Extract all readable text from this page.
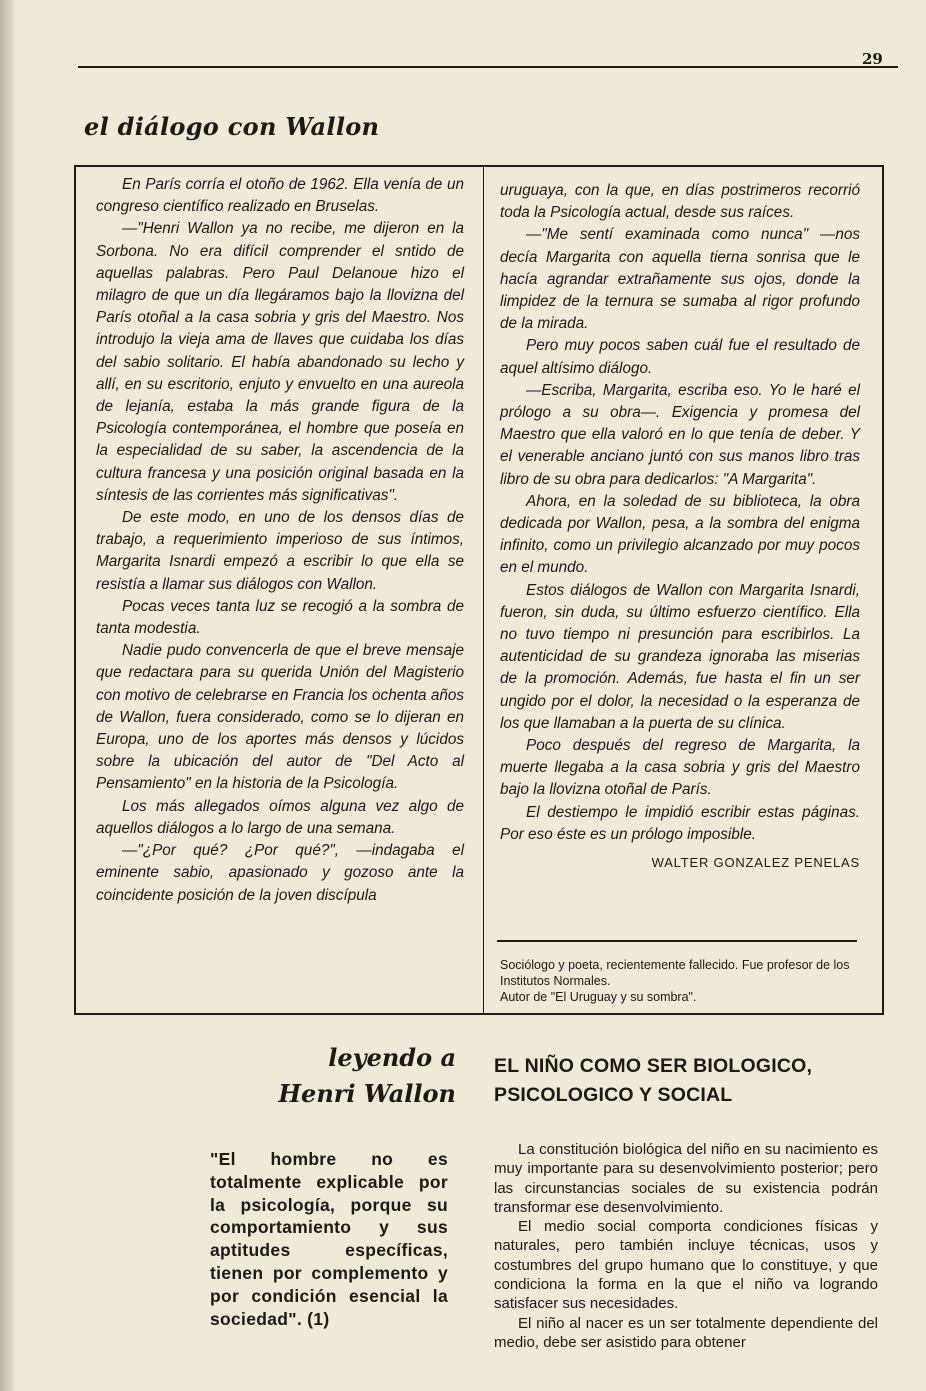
29
el diálogo con Wallon

En París corría el otoño de 1962. Ella venía de un congreso científico realizado en Bruselas.

—"Henri Wallon ya no recibe, me dijeron en la Sorbona. No era difícil comprender el sntido de aquellas palabras. Pero Paul Delanoue hizo el milagro de que un día llegáramos bajo la llovizna del París otoñal a la casa sobria y gris del Maestro. Nos introdujo la vieja ama de llaves que cuidaba los días del sabio solitario. El había abandonado su lecho y allí, en su escritorio, enjuto y envuelto en una aureola de lejanía, estaba la más grande figura de la Psicología contemporánea, el hombre que poseía en la especialidad de su saber, la ascendencia de la cultura francesa y una posición original basada en la síntesis de las corrientes más significativas".

De este modo, en uno de los densos días de trabajo, a requerimiento imperioso de sus íntimos, Margarita Isnardi empezó a escribir lo que ella se resistía a llamar sus diálogos con Wallon.

Pocas veces tanta luz se recogió a la sombra de tanta modestia.

Nadie pudo convencerla de que el breve mensaje que redactara para su querida Unión del Magisterio con motivo de celebrarse en Francia los ochenta años de Wallon, fuera considerado, como se lo dijeran en Europa, uno de los aportes más densos y lúcidos sobre la ubicación del autor de "Del Acto al Pensamiento" en la historia de la Psicología.

Los más allegados oímos alguna vez algo de aquellos diálogos a lo largo de una semana.

—"¿Por qué? ¿Por qué?", —indagaba el eminente sabio, apasionado y gozoso ante la coincidente posición de la joven discípula

uruguaya, con la que, en días postrimeros recorrió toda la Psicología actual, desde sus raíces.

—"Me sentí examinada como nunca" —nos decía Margarita con aquella tierna sonrisa que le hacía agrandar extrañamente sus ojos, donde la limpidez de la ternura se sumaba al rigor profundo de la mirada.

Pero muy pocos saben cuál fue el resultado de aquel altísimo diálogo.

—Escriba, Margarita, escriba eso. Yo le haré el prólogo a su obra—. Exigencia y promesa del Maestro que ella valoró en lo que tenía de deber. Y el venerable anciano juntó con sus manos libro tras libro de su obra para dedicarlos: "A Margarita".

Ahora, en la soledad de su biblioteca, la obra dedicada por Wallon, pesa, a la sombra del enigma infinito, como un privilegio alcanzado por muy pocos en el mundo.

Estos diálogos de Wallon con Margarita Isnardi, fueron, sin duda, su último esfuerzo científico. Ella no tuvo tiempo ni presunción para escribirlos. La autenticidad de su grandeza ignoraba las miserias de la promoción. Además, fue hasta el fin un ser ungido por el dolor, la necesidad o la esperanza de los que llamaban a la puerta de su clínica.

Poco después del regreso de Margarita, la muerte llegaba a la casa sobria y gris del Maestro bajo la llovizna otoñal de París.

El destiempo le impidió escribir estas páginas. Por eso éste es un prólogo imposible.

WALTER GONZALEZ PENELAS
Sociólogo y poeta, recientemente fallecido. Fue profesor de los Institutos Normales.
Autor de "El Uruguay y su sombra".
leyendo a
Henri Wallon
"El hombre no es totalmente explicable por la psicología, porque su comportamiento y sus aptitudes específicas, tienen por complemento y por condición esencial la sociedad". (1)
EL NIÑO COMO SER BIOLOGICO, PSICOLOGICO Y SOCIAL

La constitución biológica del niño en su nacimiento es muy importante para su desenvolvimiento posterior; pero las circunstancias sociales de su existencia podrán transformar ese desenvolvimiento.

El medio social comporta condiciones físicas y naturales, pero también incluye técnicas, usos y costumbres del grupo humano que lo constituye, y que condiciona la forma en la que el niño va logrando satisfacer sus necesidades.

El niño al nacer es un ser totalmente dependiente del medio, debe ser asistido para obtener
